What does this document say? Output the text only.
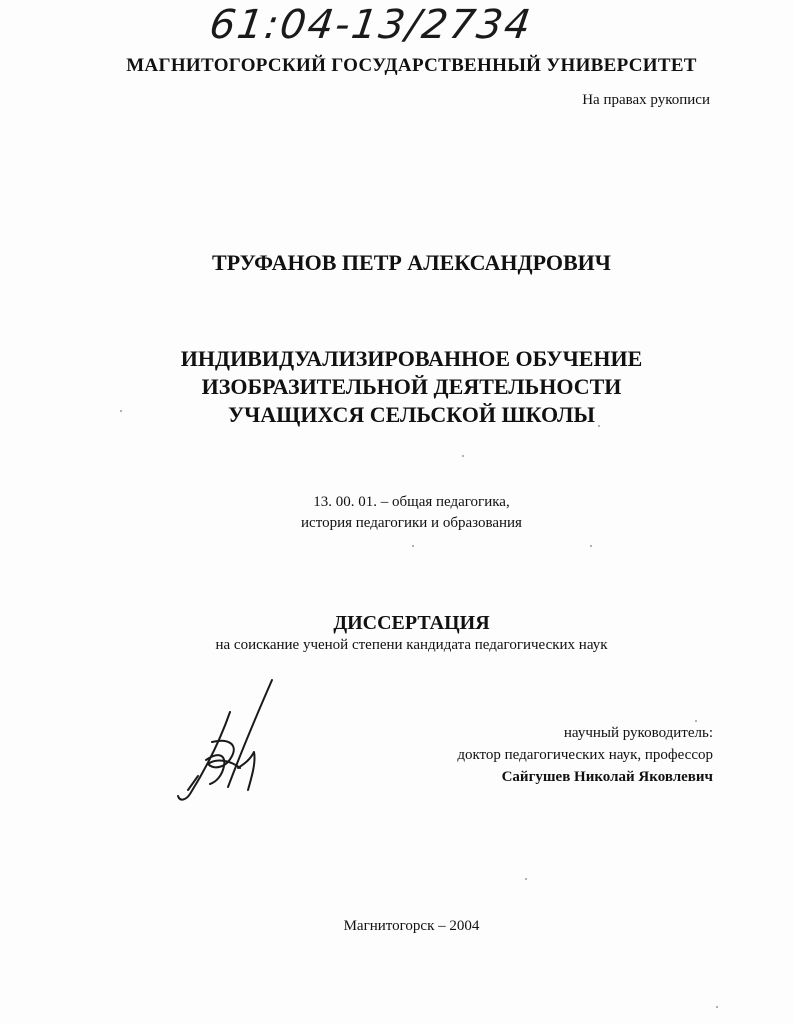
61:04-13/2734
МАГНИТОГОРСКИЙ ГОСУДАРСТВЕННЫЙ УНИВЕРСИТЕТ
На правах рукописи
ТРУФАНОВ ПЕТР АЛЕКСАНДРОВИЧ
ИНДИВИДУАЛИЗИРОВАННОЕ ОБУЧЕНИЕ
ИЗОБРАЗИТЕЛЬНОЙ ДЕЯТЕЛЬНОСТИ
УЧАЩИХСЯ СЕЛЬСКОЙ ШКОЛЫ
13. 00. 01. – общая педагогика,
история педагогики и образования
ДИССЕРТАЦИЯ
на соискание ученой степени кандидата педагогических наук
научный руководитель:
доктор педагогических наук, профессор
Сайгушев Николай Яковлевич
Магнитогорск – 2004
